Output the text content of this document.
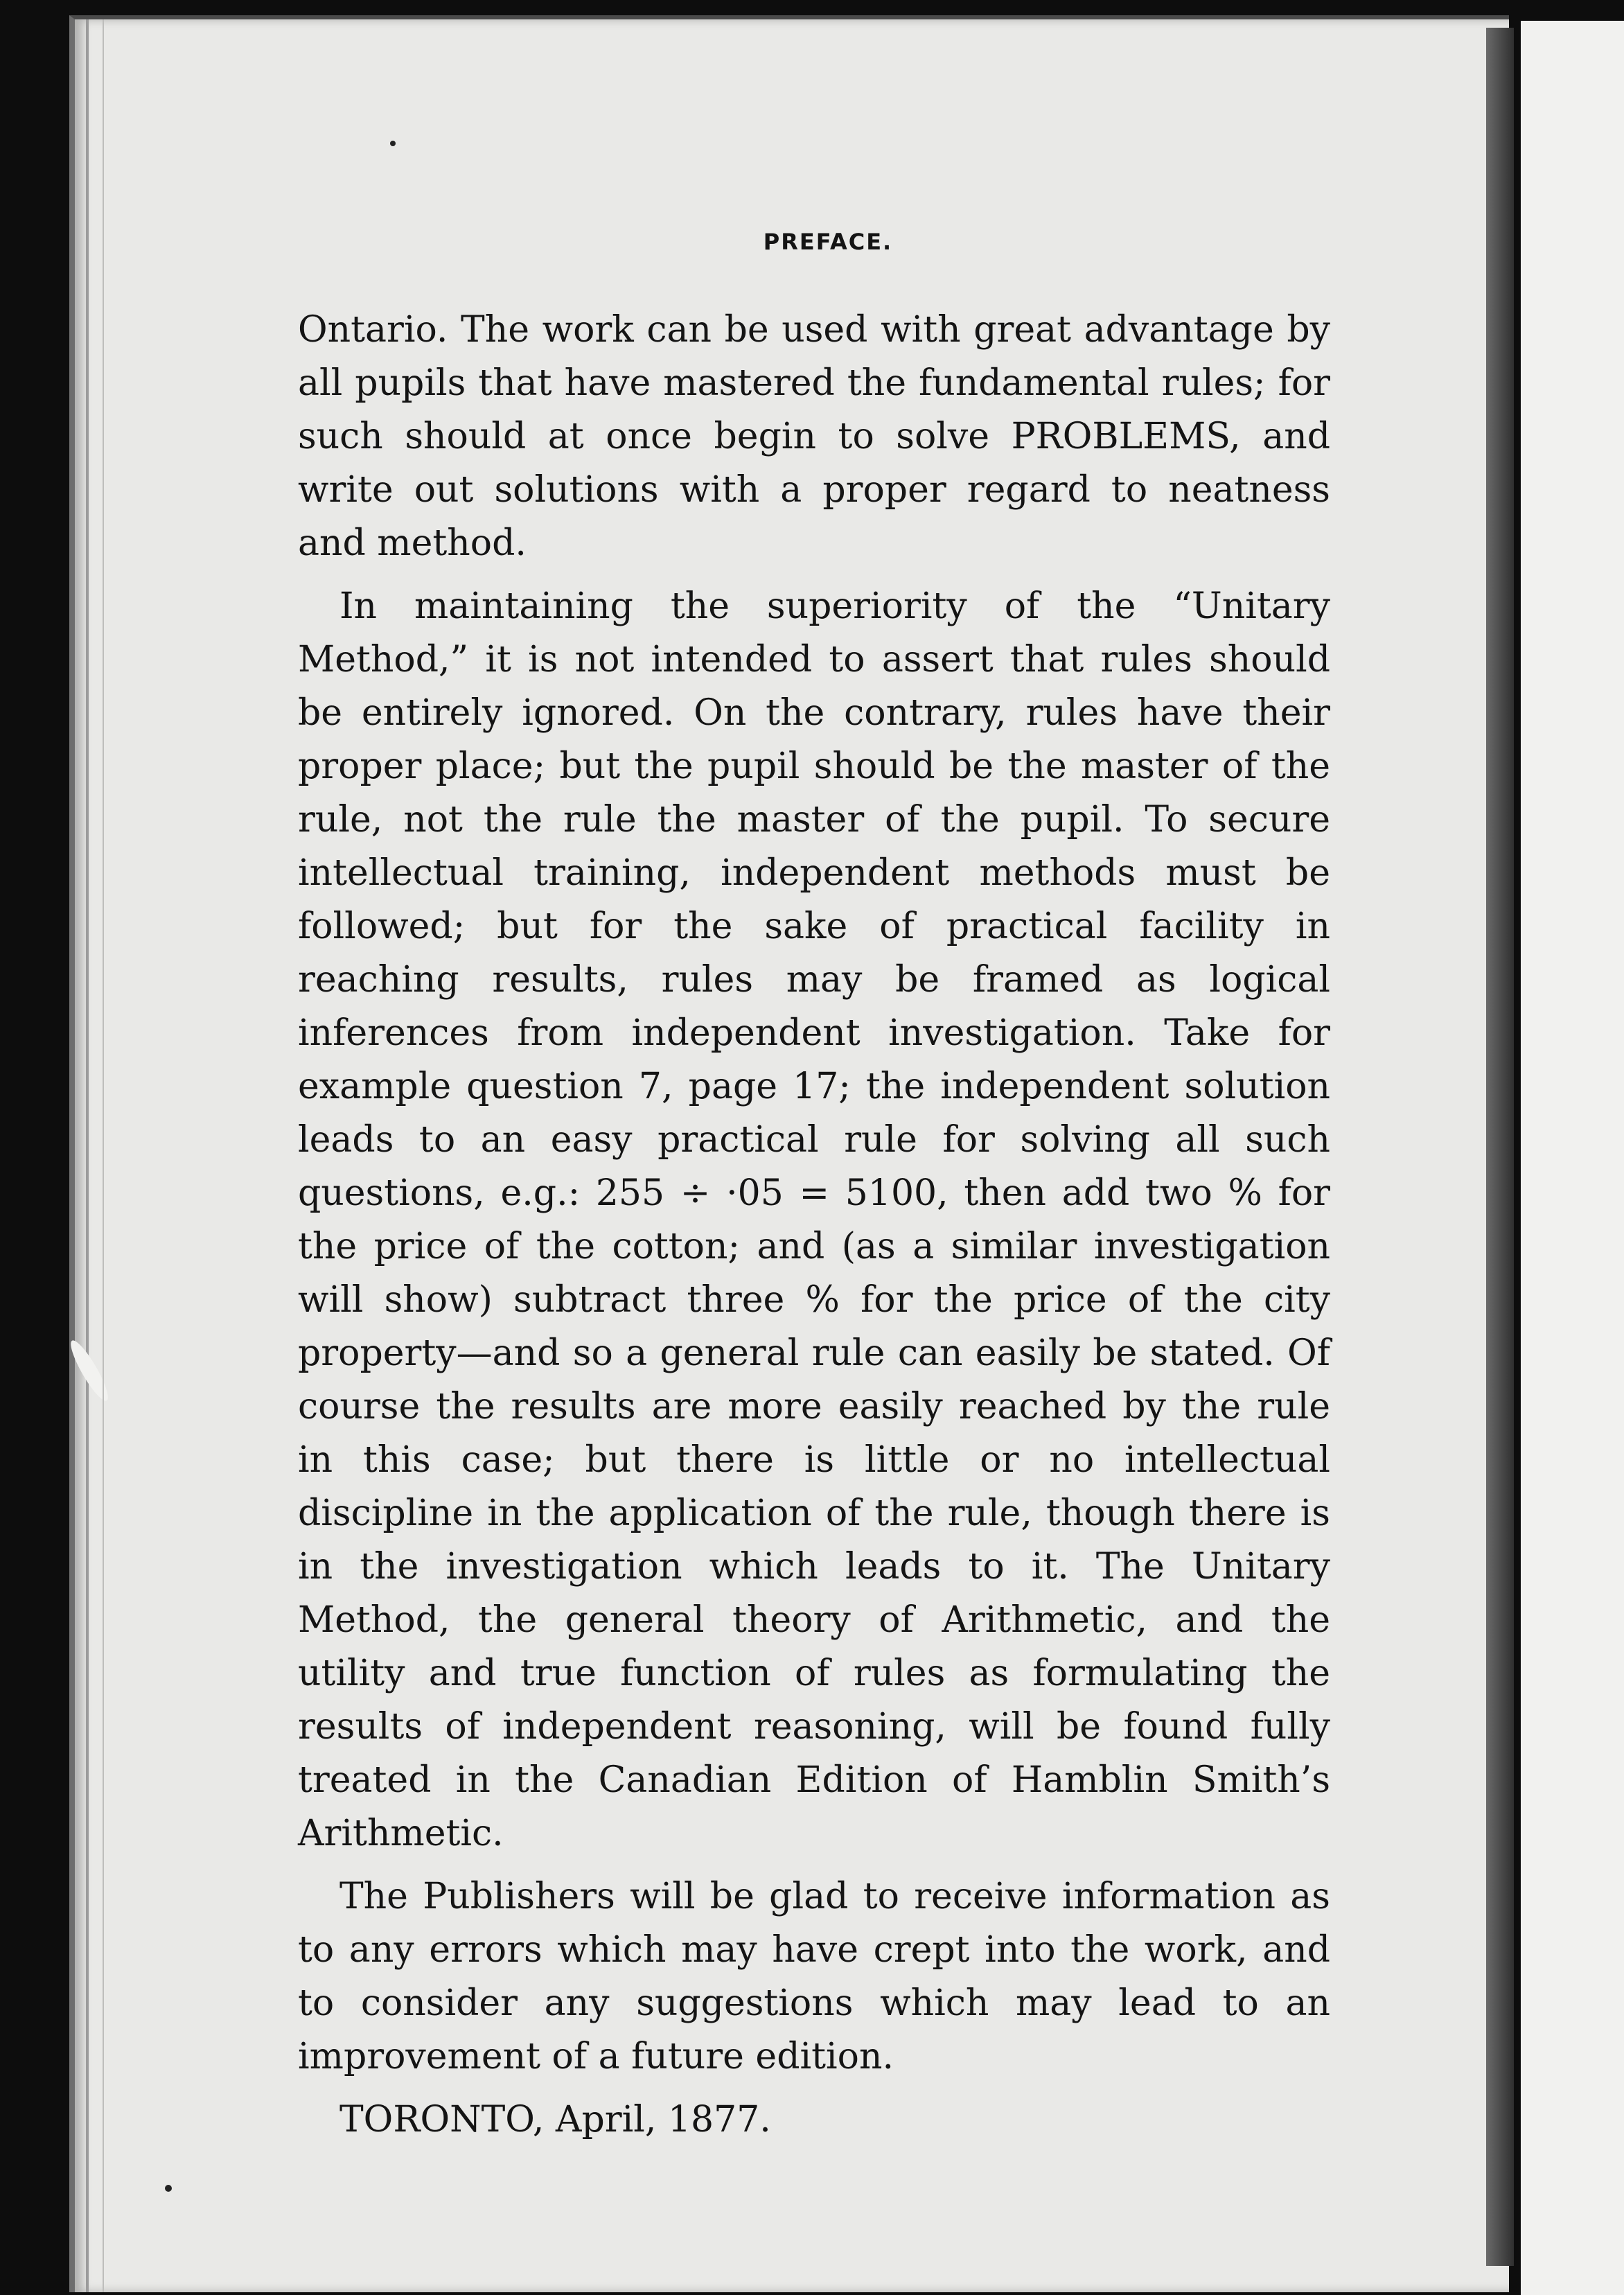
PREFACE.

Ontario. The work can be used with great advantage by all pupils that have mastered the fundamental rules; for such should at once begin to solve PROBLEMS, and write out solutions with a proper regard to neatness and method.

In maintaining the superiority of the “Unitary Method,” it is not intended to assert that rules should be entirely ignored. On the contrary, rules have their proper place; but the pupil should be the master of the rule, not the rule the master of the pupil. To secure intellectual training, independent methods must be followed; but for the sake of practical facility in reaching results, rules may be framed as logical inferences from independent investigation. Take for example question 7, page 17; the independent solution leads to an easy practical rule for solving all such questions, e.g.: 255 ÷ ·05 = 5100, then add two % for the price of the cotton; and (as a similar investigation will show) subtract three % for the price of the city property—and so a general rule can easily be stated. Of course the results are more easily reached by the rule in this case; but there is little or no intellectual discipline in the application of the rule, though there is in the investigation which leads to it. The Unitary Method, the general theory of Arithmetic, and the utility and true function of rules as formulating the results of independent reasoning, will be found fully treated in the Canadian Edition of Hamblin Smith’s Arithmetic.

The Publishers will be glad to receive information as to any errors which may have crept into the work, and to consider any suggestions which may lead to an improvement of a future edition.

TORONTO, April, 1877.
